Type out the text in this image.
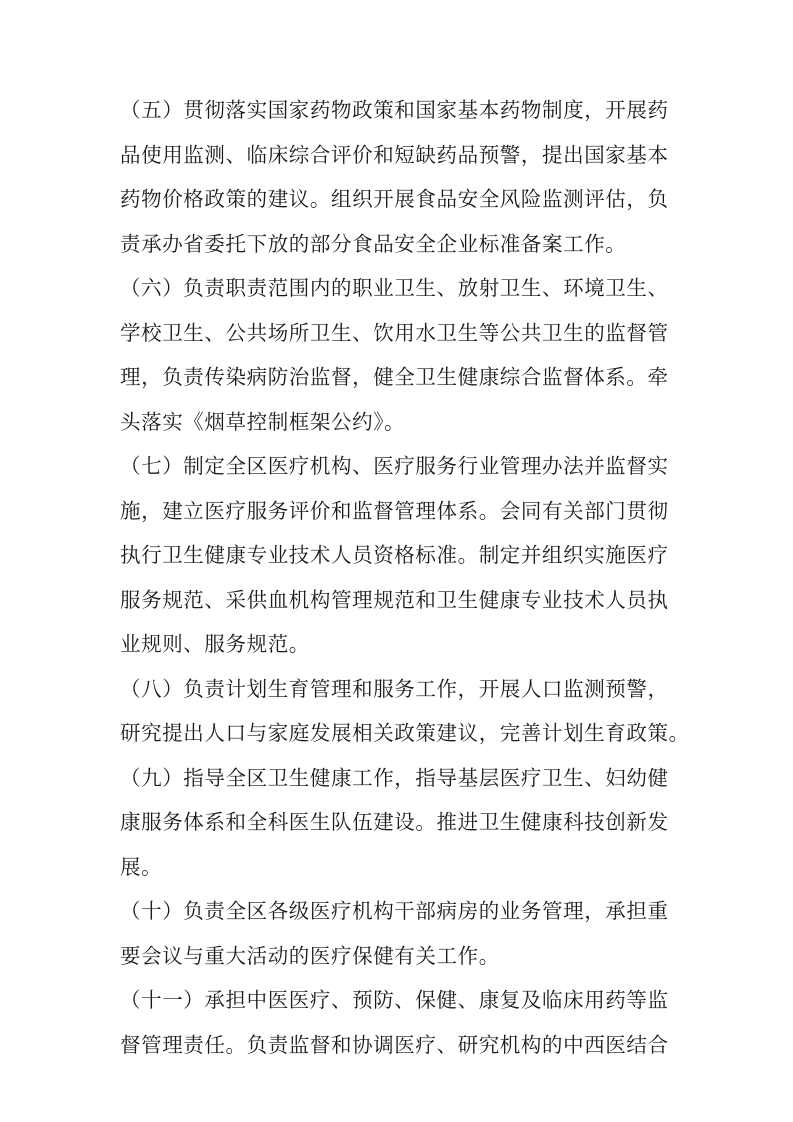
（五）贯彻落实国家药物政策和国家基本药物制度，开展药
品使用监测、临床综合评价和短缺药品预警，提出国家基本
药物价格政策的建议。组织开展食品安全风险监测评估，负
责承办省委托下放的部分食品安全企业标准备案工作。
（六）负责职责范围内的职业卫生、放射卫生、环境卫生、
学校卫生、公共场所卫生、饮用水卫生等公共卫生的监督管
理，负责传染病防治监督，健全卫生健康综合监督体系。牵
头落实《烟草控制框架公约》。
（七）制定全区医疗机构、医疗服务行业管理办法并监督实
施，建立医疗服务评价和监督管理体系。会同有关部门贯彻
执行卫生健康专业技术人员资格标准。制定并组织实施医疗
服务规范、采供血机构管理规范和卫生健康专业技术人员执
业规则、服务规范。
（八）负责计划生育管理和服务工作，开展人口监测预警，
研究提出人口与家庭发展相关政策建议，完善计划生育政策。
（九）指导全区卫生健康工作，指导基层医疗卫生、妇幼健
康服务体系和全科医生队伍建设。推进卫生健康科技创新发
展。
（十）负责全区各级医疗机构干部病房的业务管理，承担重
要会议与重大活动的医疗保健有关工作。
（十一）承担中医医疗、预防、保健、康复及临床用药等监
督管理责任。负责监督和协调医疗、研究机构的中西医结合
